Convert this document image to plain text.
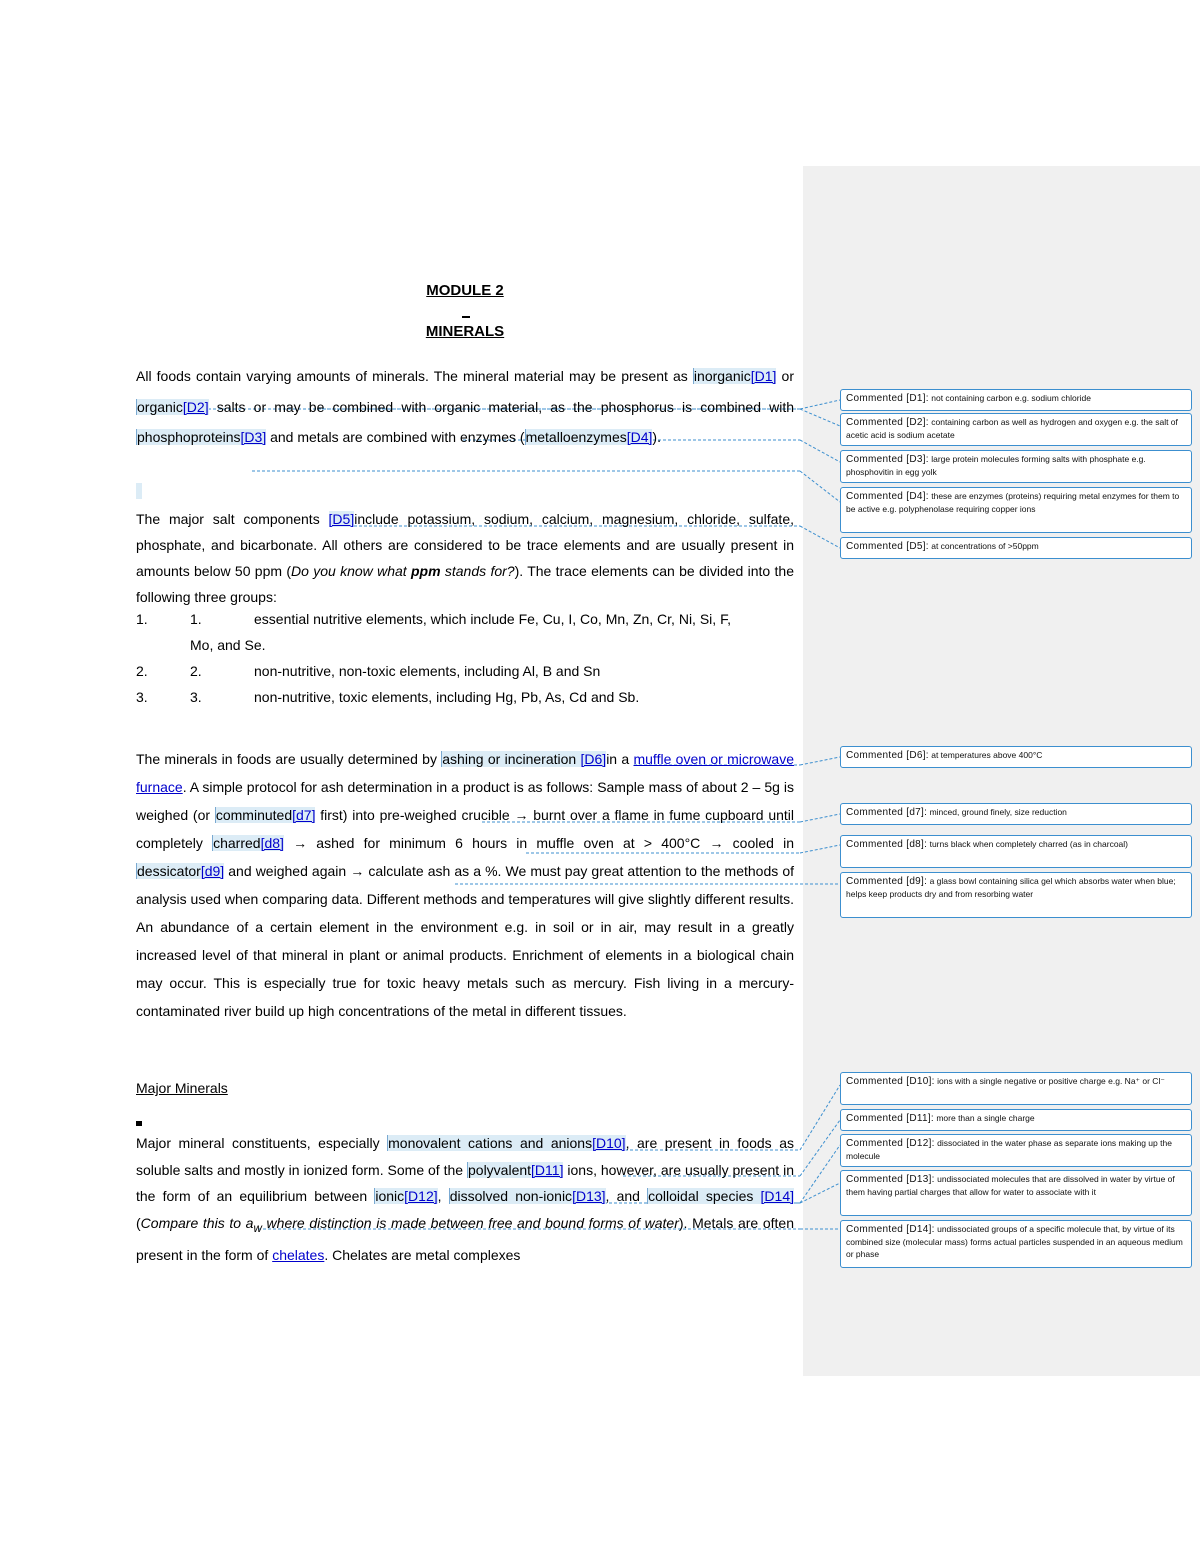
MODULE 2
MINERALS

All foods contain varying amounts of minerals. The mineral material may be present as inorganic[D1] or organic[D2] salts or may be combined with organic material, as the phosphorus is combined with phosphoproteins[D3] and metals are combined with enzymes (metalloenzymes[D4]).

The major salt components [D5]include potassium, sodium, calcium, magnesium, chloride, sulfate, phosphate, and bicarbonate. All others are considered to be trace elements and are usually present in amounts below 50 ppm (Do you know what ppm stands for?). The trace elements can be divided into the following three groups:

1.	1.	essential nutritive elements, which include Fe, Cu, I, Co, Mn, Zn, Cr, Ni, Si, F,
Mo, and Se.
2.	2.	non-nutritive, non-toxic elements, including Al, B and Sn
3.	3.	non-nutritive, toxic elements, including Hg, Pb, As, Cd and Sb.

The minerals in foods are usually determined by ashing or incineration [D6]in a muffle oven or microwave furnace. A simple protocol for ash determination in a product is as follows: Sample mass of about 2 – 5g is weighed (or comminuted[d7] first) into pre-weighed crucible → burnt over a flame in fume cupboard until completely charred[d8] → ashed for minimum 6 hours in muffle oven at > 400°C → cooled in dessicator[d9] and weighed again → calculate ash as a %. We must pay great attention to the methods of analysis used when comparing data. Different methods and temperatures will give slightly different results. An abundance of a certain element in the environment e.g. in soil or in air, may result in a greatly increased level of that mineral in plant or animal products. Enrichment of elements in a biological chain may occur. This is especially true for toxic heavy metals such as mercury. Fish living in a mercury-contaminated river build up high concentrations of the metal in different tissues.

Major Minerals

Major mineral constituents, especially monovalent cations and anions[D10], are present in foods as soluble salts and mostly in ionized form. Some of the polyvalent[D11] ions, however, are usually present in the form of an equilibrium between ionic[D12], dissolved non-ionic[D13], and colloidal species [D14](Compare this to $a_w$ where distinction is made between free and bound forms of water). Metals are often present in the form of chelates. Chelates are metal complexes

Commented [D1]: not containing carbon e.g. sodium chloride
Commented [D2]: containing carbon as well as hydrogen and oxygen e.g. the salt of acetic acid is sodium acetate
Commented [D3]: large protein molecules forming salts with phosphate e.g. phosphovitin in egg yolk
Commented [D4]: these are enzymes (proteins) requiring metal enzymes for them to be active e.g. polyphenolase requiring copper ions
Commented [D5]: at concentrations of >50ppm
Commented [D6]: at temperatures above 400°C
Commented [d7]: minced, ground finely, size reduction
Commented [d8]: turns black when completely charred (as in charcoal)
Commented [d9]: a glass bowl containing silica gel which absorbs water when blue; helps keep products dry and from resorbing water
Commented [D10]: ions with a single negative or positive charge e.g. Na⁺ or Cl⁻
Commented [D11]: more than a single charge
Commented [D12]: dissociated in the water phase as separate ions making up the molecule
Commented [D13]: undissociated molecules that are dissolved in water by virtue of them having partial charges that allow for water to associate with it
Commented [D14]: undissociated groups of a specific molecule that, by virtue of its combined size (molecular mass) forms actual particles suspended in an aqueous medium or phase
